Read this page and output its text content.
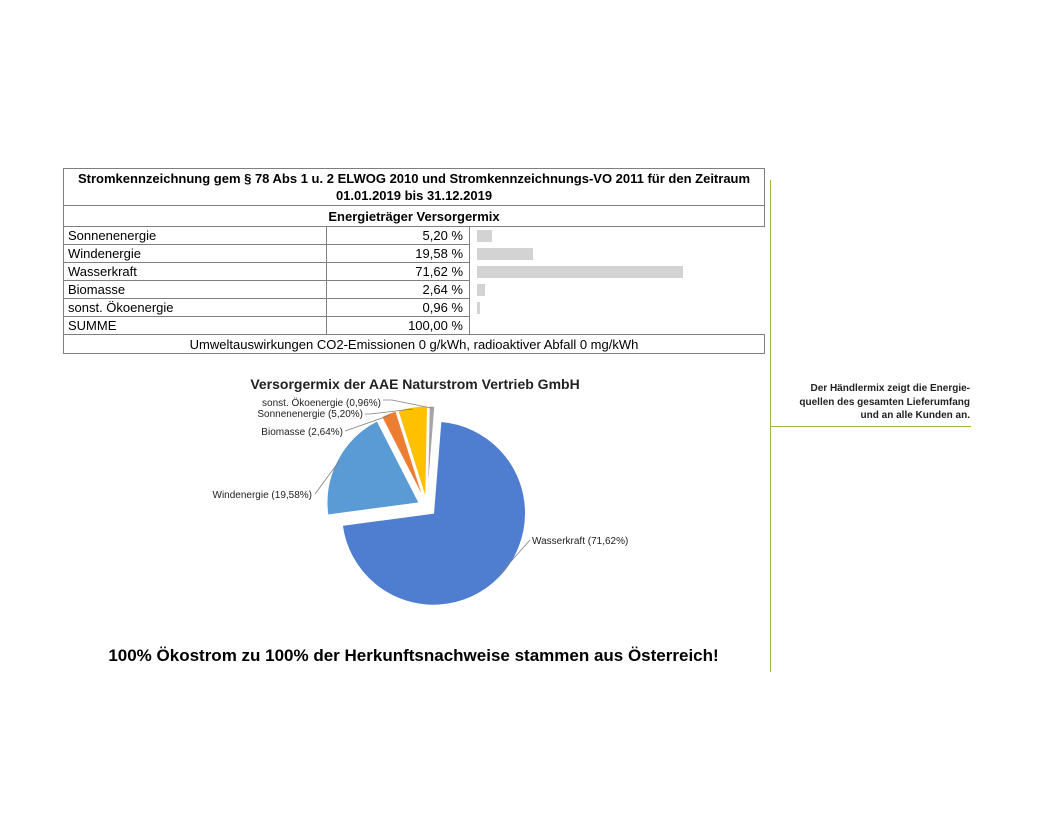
Stromkennzeichnung gem § 78 Abs 1 u. 2 ELWOG 2010 und Stromkennzeichnungs-VO 2011 für den Zeitraum
01.01.2019 bis 31.12.2019		
Energieträger Versorgermix		
Sonnenenergie	5,20 %	

Windenergie	19,58 %	

Wasserkraft	71,62 %	

Biomasse	2,64 %	

sonst. Ökoenergie	0,96 %	

SUMME	100,00 %	
Umweltauswirkungen CO2-Emissionen 0 g/kWh, radioaktiver Abfall 0 mg/kWh		
Versorgermix der AAE Naturstrom Vertrieb GmbH
Wasserkraft (71,62%)
Windenergie (19,58%)
Biomasse (2,64%)
Sonnenenergie (5,20%)
sonst. Ökoenergie (0,96%)

100% Ökostrom zu 100% der Herkunftsnachweise stammen aus Österreich!

Der Händlermix zeigt die Energie-
quellen des gesamten Lieferumfang
und an alle Kunden an.
